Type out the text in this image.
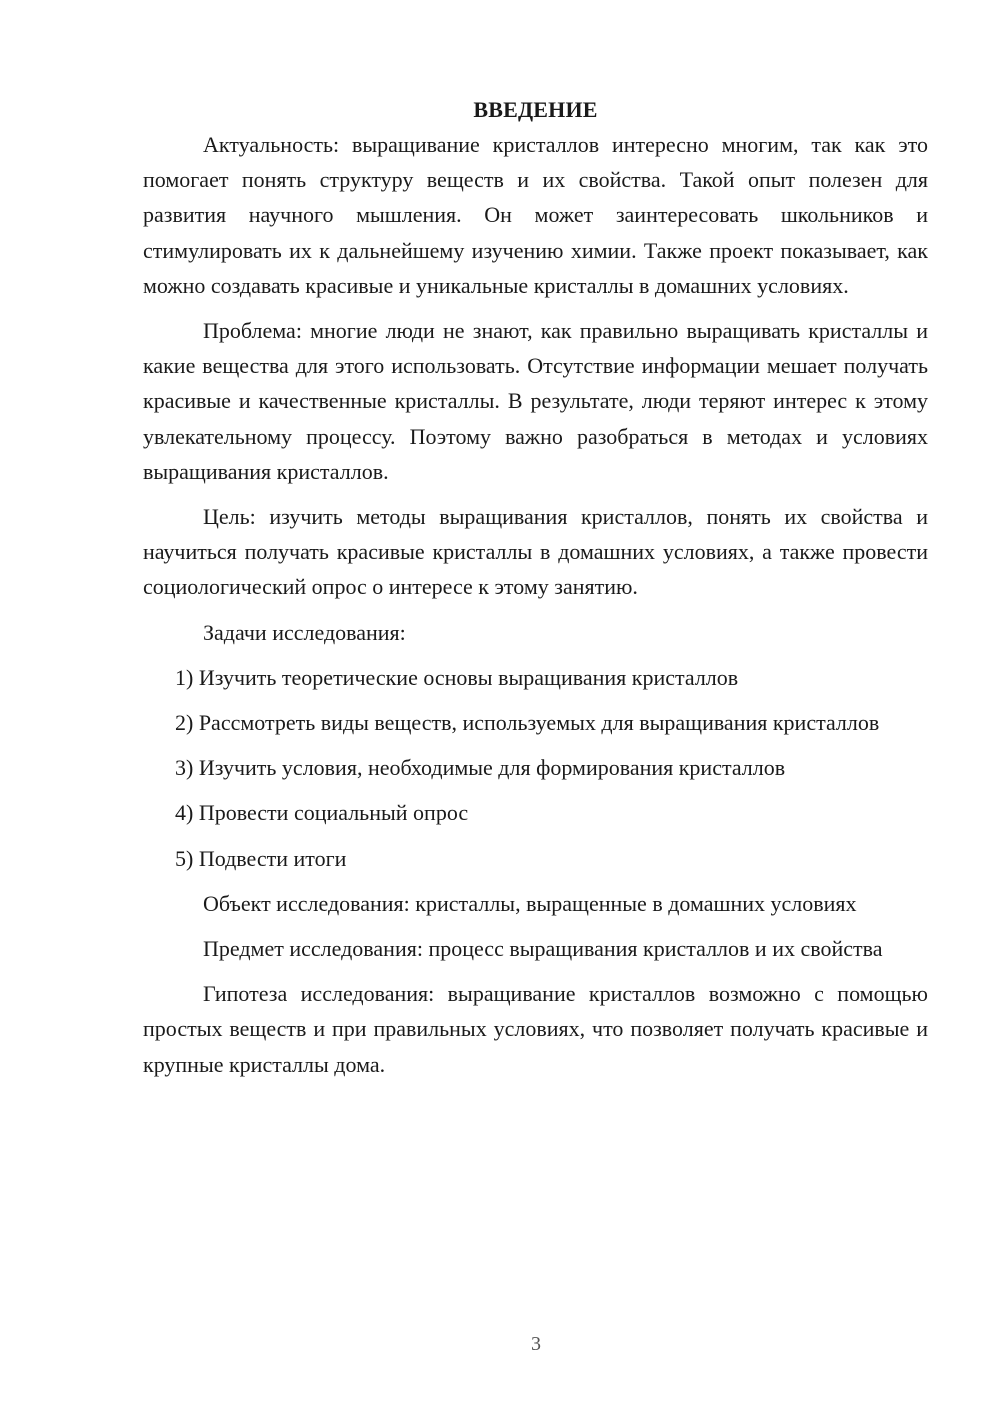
ВВЕДЕНИЕ

Актуальность: выращивание кристаллов интересно многим, так как это помогает понять структуру веществ и их свойства. Такой опыт полезен для развития научного мышления. Он может заинтересовать школьников и стимулировать их к дальнейшему изучению химии. Также проект показывает, как можно создавать красивые и уникальные кристаллы в домашних условиях.

Проблема: многие люди не знают, как правильно выращивать кристаллы и какие вещества для этого использовать. Отсутствие информации мешает получать красивые и качественные кристаллы. В результате, люди теряют интерес к этому увлекательному процессу. Поэтому важно разобраться в методах и условиях выращивания кристаллов.

Цель: изучить методы выращивания кристаллов, понять их свойства и научиться получать красивые кристаллы в домашних условиях, а также провести социологический опрос о интересе к этому занятию.

Задачи исследования:

1) Изучить теоретические основы выращивания кристаллов

2) Рассмотреть виды веществ, используемых для выращивания кристаллов

3) Изучить условия, необходимые для формирования кристаллов

4) Провести социальный опрос

5) Подвести итоги

Объект исследования: кристаллы, выращенные в домашних условиях

Предмет исследования: процесс выращивания кристаллов и их свойства

Гипотеза исследования: выращивание кристаллов возможно с помощью простых веществ и при правильных условиях, что позволяет получать красивые и крупные кристаллы дома.

3
